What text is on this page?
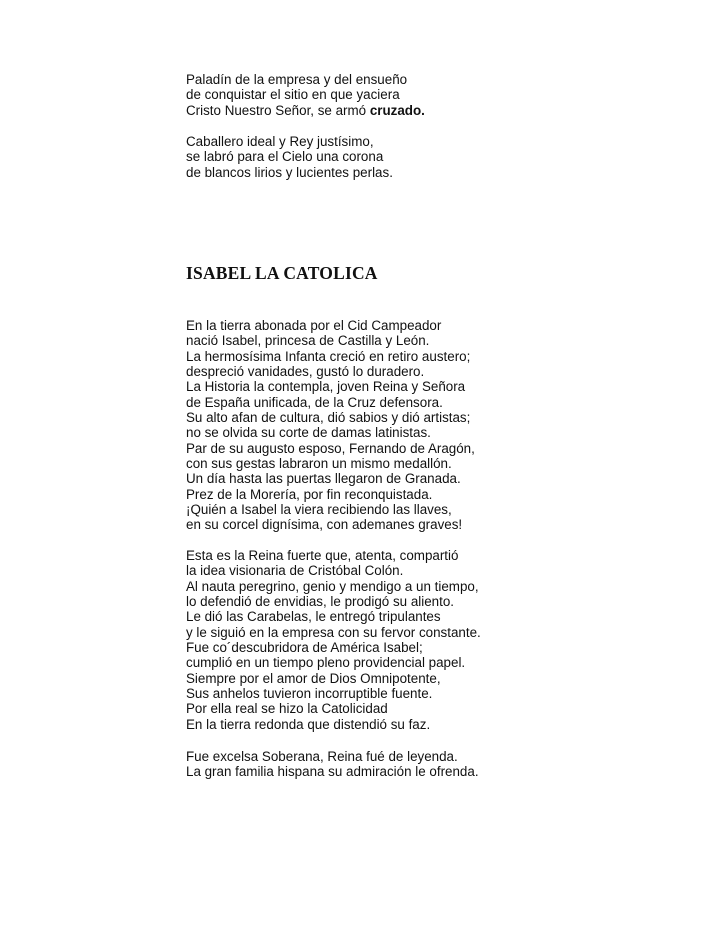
Paladín de la empresa y del ensueño
de conquistar el sitio en que yaciera
Cristo Nuestro Señor, se armó cruzado.
Caballero ideal y Rey justísimo,
se labró para el Cielo una corona
de blancos lirios y lucientes perlas.
ISABEL LA CATOLICA
En la tierra abonada por el Cid Campeador
nació Isabel, princesa de Castilla y León.
La hermosísima Infanta creció en retiro austero;
despreció vanidades, gustó lo duradero.
La Historia la contempla, joven Reina y Señora
de España unificada, de la Cruz defensora.
Su alto afan de cultura, dió sabios y dió artistas;
no se olvida su corte de damas latinistas.
Par de su augusto esposo, Fernando de Aragón,
con sus gestas labraron un mismo medallón.
Un día hasta las puertas llegaron de Granada.
Prez de la Morería, por fin reconquistada.
¡Quién a Isabel la viera recibiendo las llaves,
en su corcel dignísima, con ademanes graves!
Esta es la Reina fuerte que, atenta, compartió
la idea visionaria de Cristóbal Colón.
Al nauta peregrino, genio y mendigo a un tiempo,
lo defendió de envidias, le prodigó su aliento.
Le dió las Carabelas, le entregó tripulantes
y le siguió en la empresa con su fervor constante.
Fue co´descubridora de América Isabel;
cumplió en un tiempo pleno providencial papel.
Siempre por el amor de Dios Omnipotente,
Sus anhelos tuvieron incorruptible fuente.
Por ella real se hizo la Catolicidad
En la tierra redonda que distendió su faz.
Fue excelsa Soberana, Reina fué de leyenda.
La gran familia hispana su admiración le ofrenda.
